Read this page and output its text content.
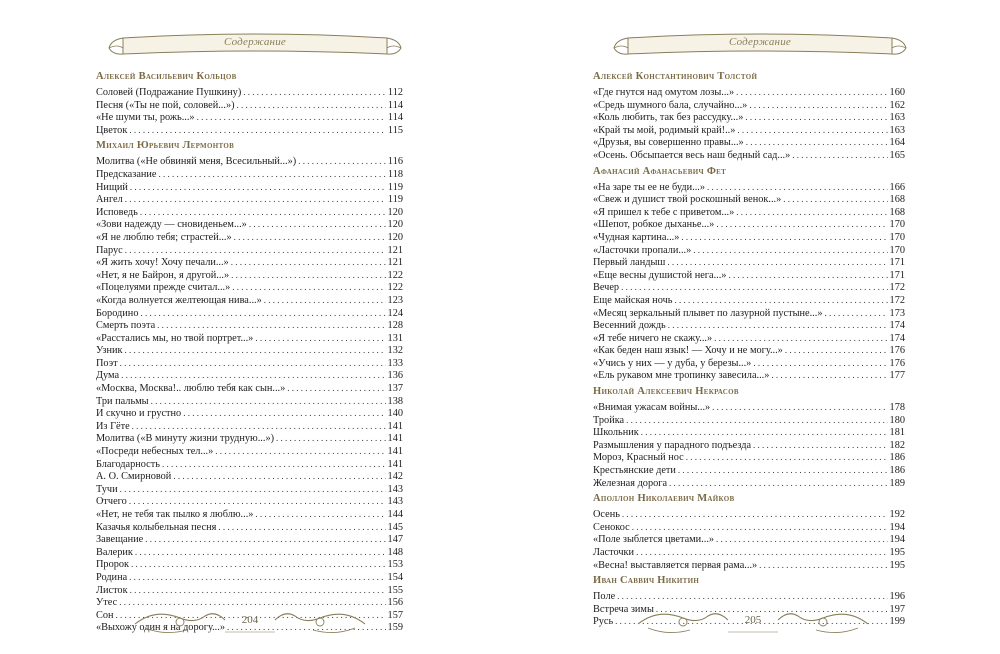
Содержание
Алексей Васильевич Кольцов
Соловей (Подражание Пушкину) . . .	112
Песня («Ты не пой, соловей...») . . .	114
«Не шуми ты, рожь...» . . .	114
Цветок . . .	115
Михаил Юрьевич Лермонтов
Молитва («Не обвиняй меня, Всесильный...») . . .	116
Предсказание . . .	118
Нищий . . .	119
Ангел . . .	119
Исповедь . . .	120
«Зови надежду — сновиденьем...» . . .	120
«Я не люблю тебя; страстей...» . . .	120
Парус . . .	121
«Я жить хочу! Хочу печали...» . . .	121
«Нет, я не Байрон, я другой...» . . .	122
«Поцелуями прежде считал...» . . .	122
«Когда волнуется желтеющая нива...» . . .	123
Бородино . . .	124
Смерть поэта . . .	128
«Расстались мы, но твой портрет...» . . .	131
Узник . . .	132
Поэт . . .	133
Дума . . .	136
«Москва, Москва!.. люблю тебя как сын...» . . .	137
Три пальмы . . .	138
И скучно и грустно . . .	140
Из Гёте . . .	141
Молитва («В минуту жизни трудную...») . . .	141
«Посреди небесных тел...» . . .	141
Благодарность . . .	141
А. О. Смирновой . . .	142
Тучи . . .	143
Отчего . . .	143
«Нет, не тебя так пылко я люблю...» . . .	144
Казачья колыбельная песня . . .	145
Завещание . . .	147
Валерик . . .	148
Пророк . . .	153
Родина . . .	154
Листок . . .	155
Утес . . .	156
Сон . . .	157
«Выхожу один я на дорогу...» . . .	159
204
Содержание
Алексей Константинович Толстой
«Где гнутся над омутом лозы...» . . .	160
«Средь шумного бала, случайно...» . . .	162
«Коль любить, так без рассудку...» . . .	163
«Край ты мой, родимый край!..» . . .	163
«Друзья, вы совершенно правы...» . . .	164
«Осень. Обсыпается весь наш бедный сад...» . . .	165
Афанасий Афанасьевич Фет
«На заре ты ее не буди...» . . .	166
«Свеж и душист твой роскошный венок...» . . .	168
«Я пришел к тебе с приветом...» . . .	168
«Шепот, робкое дыханье...» . . .	170
«Чудная картина...» . . .	170
«Ласточки пропали...» . . .	170
Первый ландыш . . .	171
«Еще весны душистой нега...» . . .	171
Вечер . . .	172
Еще майская ночь . . .	172
«Месяц зеркальный плывет по лазурной пустыне...» . . .	173
Весенний дождь . . .	174
«Я тебе ничего не скажу...» . . .	174
«Как беден наш язык! — Хочу и не могу...» . . .	176
«Учись у них — у дуба, у березы...» . . .	176
«Ель рукавом мне тропинку завесила...» . . .	177
Николай Алексеевич Некрасов
«Внимая ужасам войны...» . . .	178
Тройка . . .	180
Школьник . . .	181
Размышления у парадного подъезда . . .	182
Мороз, Красный нос . . .	186
Крестьянские дети . . .	186
Железная дорога . . .	189
Аполлон Николаевич Майков
Осень . . .	192
Сенокос . . .	194
«Поле зыблется цветами...» . . .	194
Ласточки . . .	195
«Весна! выставляется первая рама...» . . .	195
Иван Саввич Никитин
Поле . . .	196
Встреча зимы . . .	197
Русь . . .	199
205
